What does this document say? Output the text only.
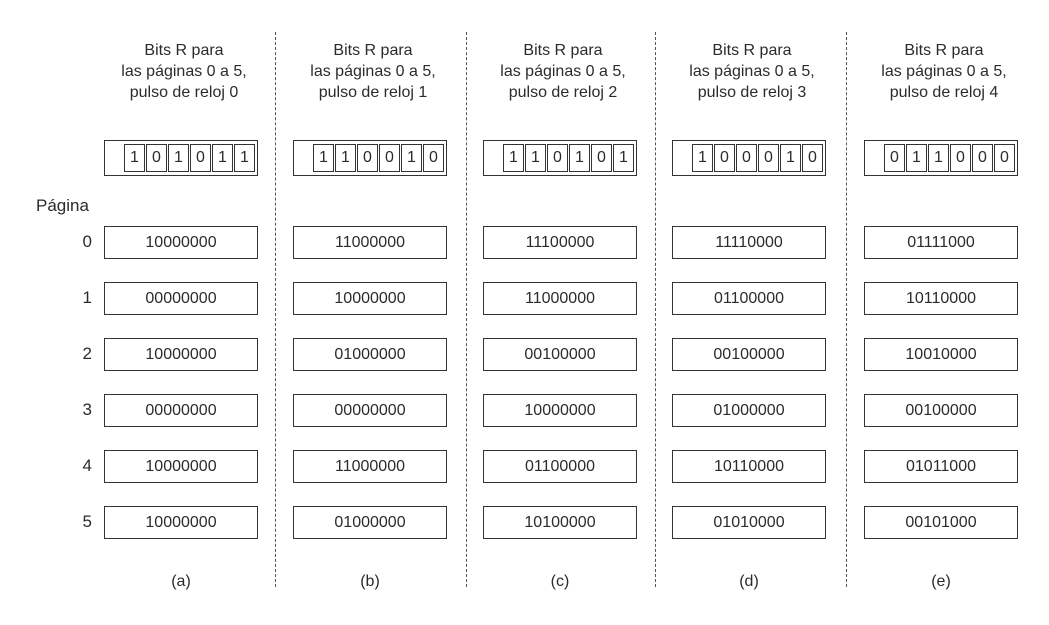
Página
0
1
2
3
4
5
Bits R para
las páginas 0 a 5,
pulso de reloj 0
1 0 1 0 1 1
10000000
00000000
10000000
00000000
10000000
10000000
(a)
Bits R para
las páginas 0 a 5,
pulso de reloj 1
1 1 0 0 1 0
11000000
10000000
01000000
00000000
11000000
01000000
(b)
Bits R para
las páginas 0 a 5,
pulso de reloj 2
1 1 0 1 0 1
11100000
11000000
00100000
10000000
01100000
10100000
(c)
Bits R para
las páginas 0 a 5,
pulso de reloj 3
1 0 0 0 1 0
11110000
01100000
00100000
01000000
10110000
01010000
(d)
Bits R para
las páginas 0 a 5,
pulso de reloj 4
0 1 1 0 0 0
01111000
10110000
10010000
00100000
01011000
00101000
(e)
